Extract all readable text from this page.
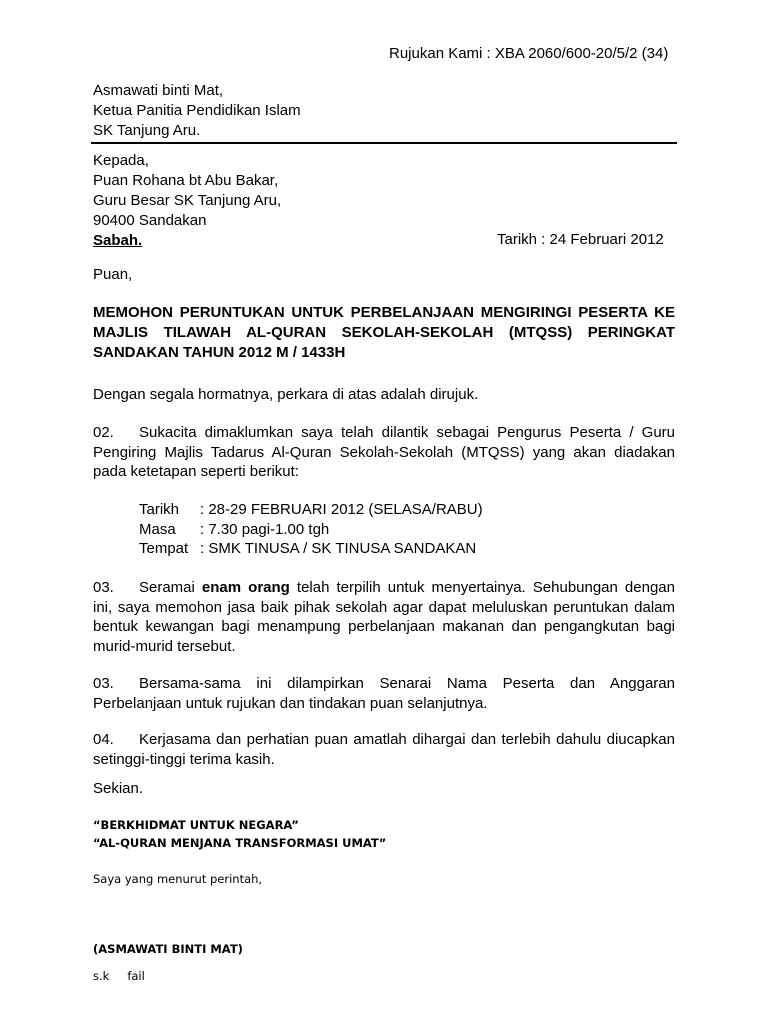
Rujukan Kami : XBA 2060/600-20/5/2 (34)
Asmawati binti Mat,
Ketua Panitia Pendidikan Islam
SK Tanjung Aru.
Kepada,
Puan Rohana bt Abu Bakar,
Guru Besar SK Tanjung Aru,
90400 Sandakan
Sabah.	Tarikh : 24 Februari 2012
Puan,
MEMOHON PERUNTUKAN UNTUK PERBELANJAAN MENGIRINGI PESERTA KE MAJLIS TILAWAH AL-QURAN SEKOLAH-SEKOLAH (MTQSS) PERINGKAT SANDAKAN TAHUN 2012 M / 1433H
Dengan segala hormatnya, perkara di atas adalah dirujuk.
02. Sukacita dimaklumkan saya telah dilantik sebagai Pengurus Peserta / Guru Pengiring Majlis Tadarus Al-Quran Sekolah-Sekolah (MTQSS) yang akan diadakan pada ketetapan seperti berikut:
Tarikh	: 28-29 FEBRUARI 2012 (SELASA/RABU)
Masa	: 7.30 pagi-1.00 tgh
Tempat : SMK TINUSA / SK TINUSA SANDAKAN
03. Seramai enam orang telah terpilih untuk menyertainya. Sehubungan dengan ini, saya memohon jasa baik pihak sekolah agar dapat meluluskan peruntukan dalam bentuk kewangan bagi menampung perbelanjaan makanan dan pengangkutan bagi murid-murid tersebut.
03. Bersama-sama ini dilampirkan Senarai Nama Peserta dan Anggaran Perbelanjaan untuk rujukan dan tindakan puan selanjutnya.
04. Kerjasama dan perhatian puan amatlah dihargai dan terlebih dahulu diucapkan setinggi-tinggi terima kasih.
Sekian.
“BERKHIDMAT UNTUK NEGARA”
“AL-QURAN MENJANA TRANSFORMASI UMAT”
Saya yang menurut perintah,
(ASMAWATI BINTI MAT)
s.k fail
